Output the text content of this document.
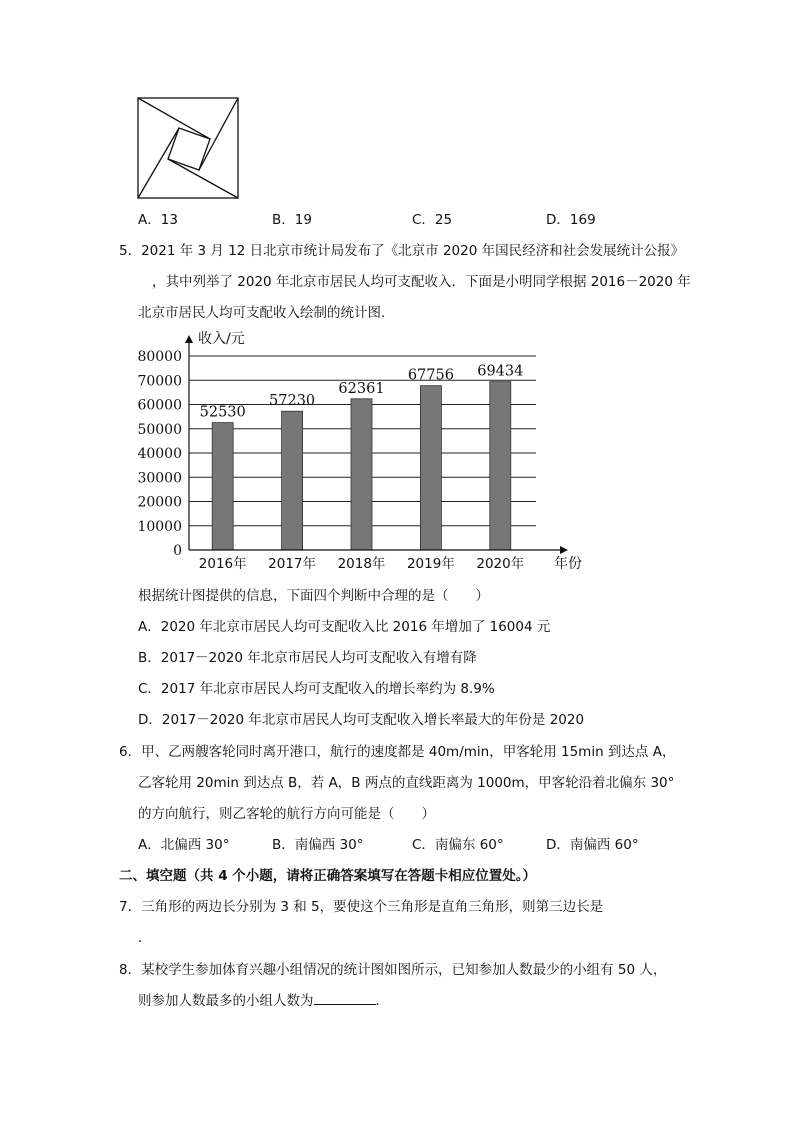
A．13	B．19	C．25	D．169
5．2021 年 3 月 12 日北京市统计局发布了《北京市 2020 年国民经济和社会发展统计公报》
，其中列举了 2020 年北京市居民人均可支配收入．下面是小明同学根据 2016－2020 年
北京市居民人均可支配收入绘制的统计图．
0
10000
20000
30000
40000
50000
60000
70000
80000
52530
2016年
57230
2017年
62361
2018年
67756
2019年
69434
2020年
收入/元
年份
根据统计图提供的信息，下面四个判断中合理的是（　　）
A．2020 年北京市居民人均可支配收入比 2016 年增加了 16004 元
B．2017－2020 年北京市居民人均可支配收入有增有降
C．2017 年北京市居民人均可支配收入的增长率约为 8.9%
D．2017－2020 年北京市居民人均可支配收入增长率最大的年份是 2020
6．甲、乙两艘客轮同时离开港口，航行的速度都是 40m/min，甲客轮用 15min 到达点 A，
乙客轮用 20min 到达点 B，若 A，B 两点的直线距离为 1000m，甲客轮沿着北偏东 30°
的方向航行，则乙客轮的航行方向可能是（　　）
A．北偏西 30°	B．南偏西 30°	C．南偏东 60°	D．南偏西 60°
二、填空题（共 4 个小题，请将正确答案填写在答题卡相应位置处。）
7．三角形的两边长分别为 3 和 5，要使这个三角形是直角三角形，则第三边长是
．
8．某校学生参加体育兴趣小组情况的统计图如图所示，已知参加人数最少的小组有 50 人，
则参加人数最多的小组人数为	．
